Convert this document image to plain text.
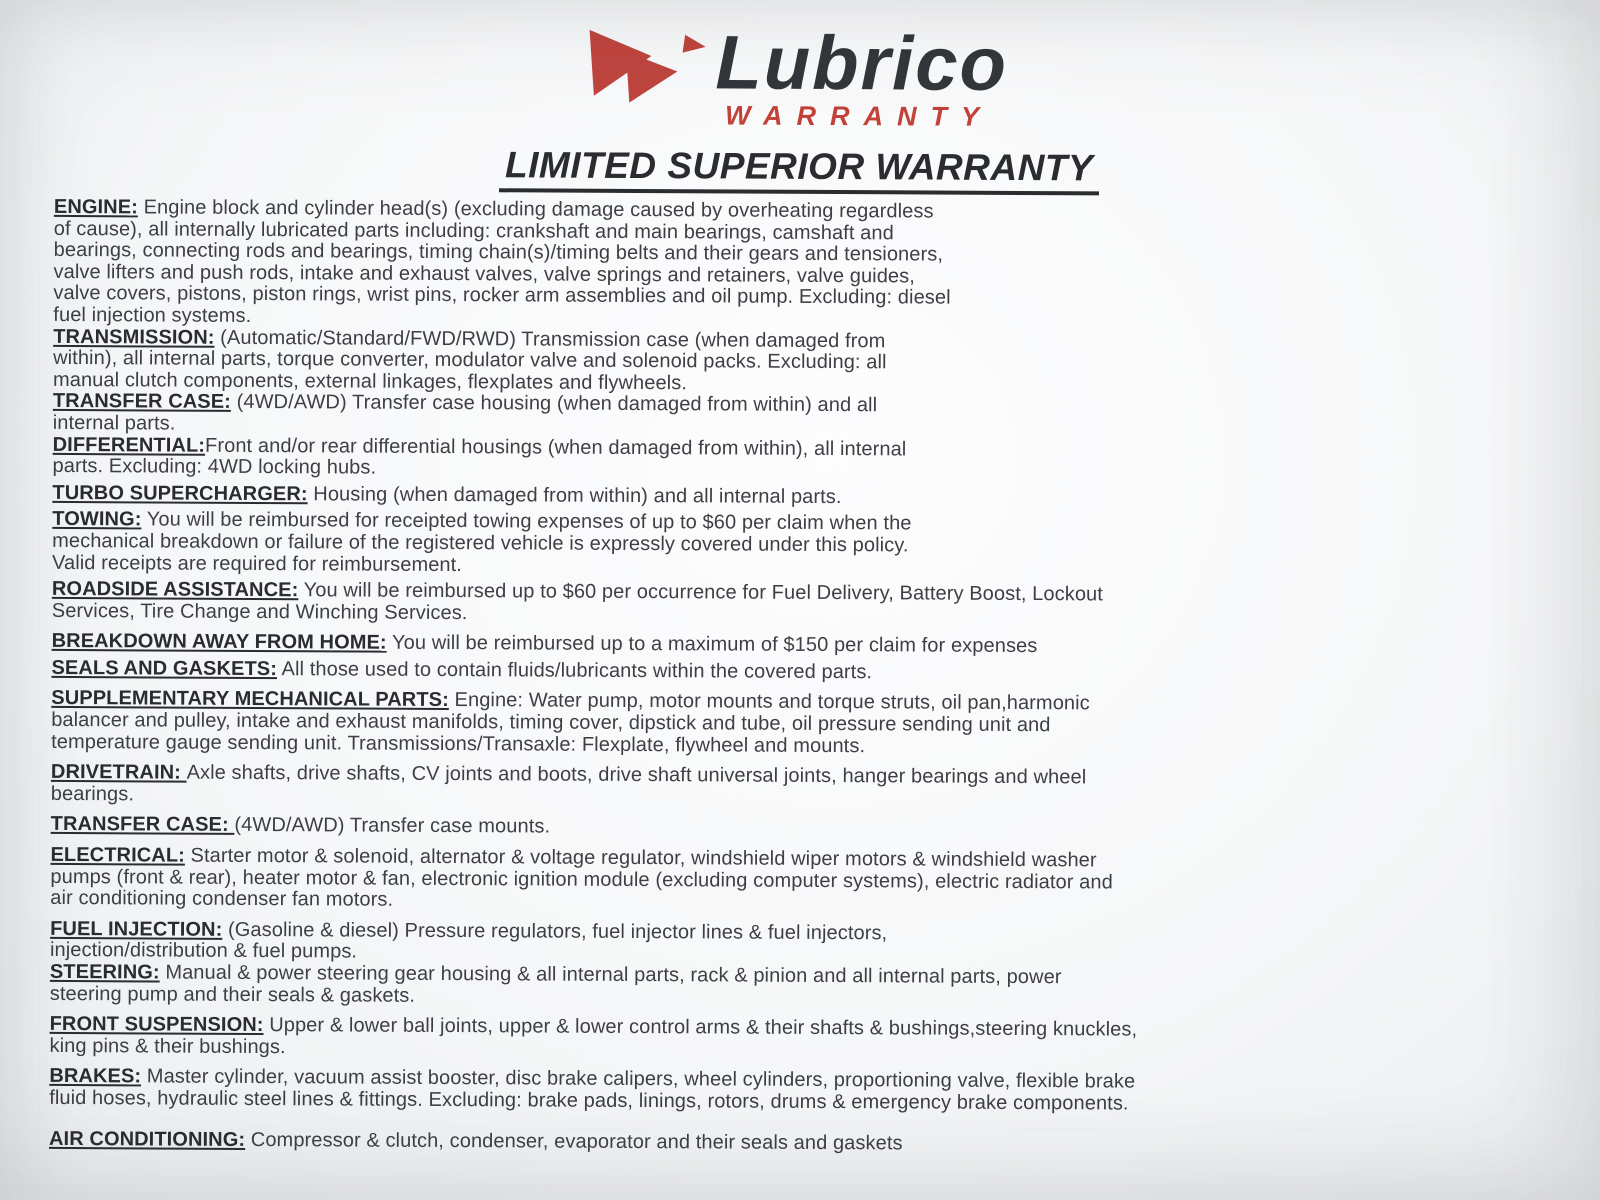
Lubrico
WARRANTY
LIMITED SUPERIOR WARRANTY

ENGINE: Engine block and cylinder head(s) (excluding damage caused by overheating regardless
of cause), all internally lubricated parts including: crankshaft and main bearings, camshaft and
bearings, connecting rods and bearings, timing chain(s)/timing belts and their gears and tensioners,
valve lifters and push rods, intake and exhaust valves, valve springs and retainers, valve guides,
valve covers, pistons, piston rings, wrist pins, rocker arm assemblies and oil pump. Excluding: diesel
fuel injection systems.

TRANSMISSION: (Automatic/Standard/FWD/RWD) Transmission case (when damaged from
within), all internal parts, torque converter, modulator valve and solenoid packs. Excluding: all
manual clutch components, external linkages, flexplates and flywheels.

TRANSFER CASE: (4WD/AWD) Transfer case housing (when damaged from within) and all
internal parts.

DIFFERENTIAL:Front and/or rear differential housings (when damaged from within), all internal
parts. Excluding: 4WD locking hubs.

TURBO SUPERCHARGER: Housing (when damaged from within) and all internal parts.

TOWING: You will be reimbursed for receipted towing expenses of up to $60 per claim when the
mechanical breakdown or failure of the registered vehicle is expressly covered under this policy.
Valid receipts are required for reimbursement.

ROADSIDE ASSISTANCE: You will be reimbursed up to $60 per occurrence for Fuel Delivery, Battery Boost, Lockout
Services, Tire Change and Winching Services.

BREAKDOWN AWAY FROM HOME: You will be reimbursed up to a maximum of $150 per claim for expenses

SEALS AND GASKETS: All those used to contain fluids/lubricants within the covered parts.

SUPPLEMENTARY MECHANICAL PARTS: Engine: Water pump, motor mounts and torque struts, oil pan,harmonic
balancer and pulley, intake and exhaust manifolds, timing cover, dipstick and tube, oil pressure sending unit and
temperature gauge sending unit. Transmissions/Transaxle: Flexplate, flywheel and mounts.

DRIVETRAIN: Axle shafts, drive shafts, CV joints and boots, drive shaft universal joints, hanger bearings and wheel
bearings.

TRANSFER CASE: (4WD/AWD) Transfer case mounts.

ELECTRICAL: Starter motor & solenoid, alternator & voltage regulator, windshield wiper motors & windshield washer
pumps (front & rear), heater motor & fan, electronic ignition module (excluding computer systems), electric radiator and
air conditioning condenser fan motors.

FUEL INJECTION: (Gasoline & diesel) Pressure regulators, fuel injector lines & fuel injectors,
injection/distribution & fuel pumps.

STEERING: Manual & power steering gear housing & all internal parts, rack & pinion and all internal parts, power
steering pump and their seals & gaskets.

FRONT SUSPENSION: Upper & lower ball joints, upper & lower control arms & their shafts & bushings,steering knuckles,
king pins & their bushings.

BRAKES: Master cylinder, vacuum assist booster, disc brake calipers, wheel cylinders, proportioning valve, flexible brake
fluid hoses, hydraulic steel lines & fittings. Excluding: brake pads, linings, rotors, drums & emergency brake components.

AIR CONDITIONING: Compressor & clutch, condenser, evaporator and their seals and gaskets
